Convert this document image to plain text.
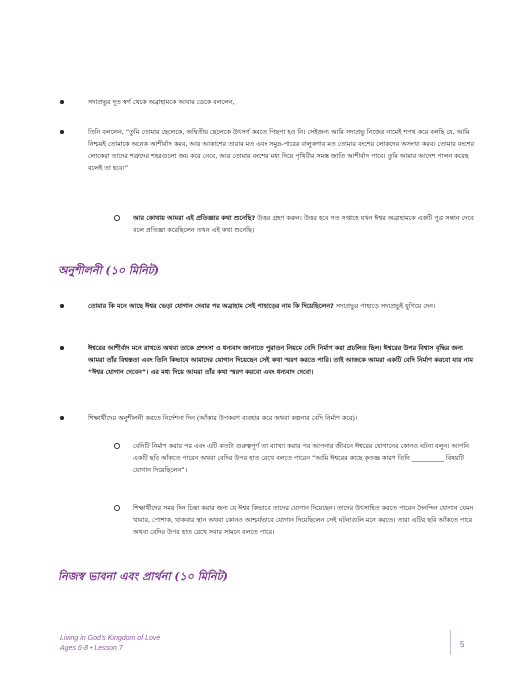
সদাপ্রভুর দূত স্বর্গ থেকে অব্রাহামকে আবার ডেকে বললেন,
তিনি বললেন, “তুমি তোমার ছেলেকে, অদ্বিতীয় ছেলেকে উৎসর্গ করতে পিছপা হও নি। সেইজন্য আমি সদাপ্রভু নিজের নামেই শপথ করে বলছি যে, আমি নিশ্চয়ই তোমাকে অনেক আশীর্বাদ করব, আর আকাশের তারার মত এবং সমুদ্র-পারের বালুকণার মত তোমার বংশের লোকদের অসংখ্য করব। তোমার বংশের লোকেরা তাদের শত্রুদের শহরগুলো জয় করে নেবে, আর তোমার বংশের মধ্য দিয়ে পৃথিবীর সমস্ত জাতি আশীর্বাদ পাবে। তুমি আমার আদেশ পালন করেছ বলেই তা হবে।”
আর কোথায় আমরা এই প্রতিজ্ঞার কথা শুনেছি? উত্তর গ্রহণ করুন। উত্তর হবে গত সপ্তাহে যখন ঈশ্বর অব্রাহামকে একটি পুত্র সন্তান দেবে বলে প্রতিজ্ঞা করেছিলেন তখন এই কথা শুনেছি।
অনুশীলনী (১০ মিনিট)
তোমার কি মনে আছে ঈশ্বর ভেড়া যোগান দেবার পর অব্রাহাম সেই পাহাড়ের নাম কি দিয়েছিলেন? সদাপ্রভুর পাহাড়ে সদাপ্রভুই যুগিয়ে দেন।
ঈশ্বরের আশীর্বাদ মনে রাখতে অথবা তাকে প্রশংসা ও ধন্যবাদ জানাতে পুরাতন নিয়মে বেদি নির্মাণ করা প্রচলিত ছিল। ঈশ্বরের উপর বিশ্বাস বৃদ্ধির জন্য আমরা তাঁর বিশ্বস্ততা এবং তিনি কিভাবে আমাদের যোগান দিয়েছেন সেই কথা স্মরণ করতে পারি। তাই আজকে আমরা একটি বেদি নির্মাণ করবো যার নাম “ঈশ্বর যোগান দেবেন”। এর মধ্য দিয়ে আমরা তাঁর কথা স্মরণ করবো এবং ধন্যবাদ দেবো।
শিক্ষার্থীদের অনুশীলনী করতে নির্দেশনা দিন (আঁকার উপকরণ ব্যবহার করে অথবা কল্পনার বেদি নির্মাণ করে)।
বেদিটি নির্মাণ করার পর এবং এটি কতটা গুরুত্বপূর্ণ তা ব্যাখ্যা করার পর আপনার জীবনে ঈশ্বরের যোগানের কোনও ঘটনা বলুন। আপনি একটি ছবি আঁকতে পারেন অথবা বেদির উপর হাত রেখে বলতে পারেন “আমি ঈশ্বরের কাছে কৃতজ্ঞ কারণ তিনি __________ বিষয়টি যোগান দিয়েছিলেন”।
শিক্ষার্থীদের সময় দিন চিন্তা করার জন্য যে ঈশ্বর কিভাবে তাদের যোগান দিয়েছেন। তাদের উৎসাহিত করতে পারেন দৈনন্দিন যোগান যেমন খাবার, পোশাক, থাকবার স্থান অথবা কোনও আশ্চর্যভাবে যোগান দিয়েছিলেন সেই ঘটনাগুলি মনে করতে। তারা এটির ছবি আঁকতে পারে অথবা বেদির উপর হাত রেখে সবার সামনে বলতে পারে।
নিজস্ব ভাবনা এবং প্রার্থনা (১০ মিনিট)
Living in God’s Kingdom of Love
Ages 6-8 • Lesson 7	5
